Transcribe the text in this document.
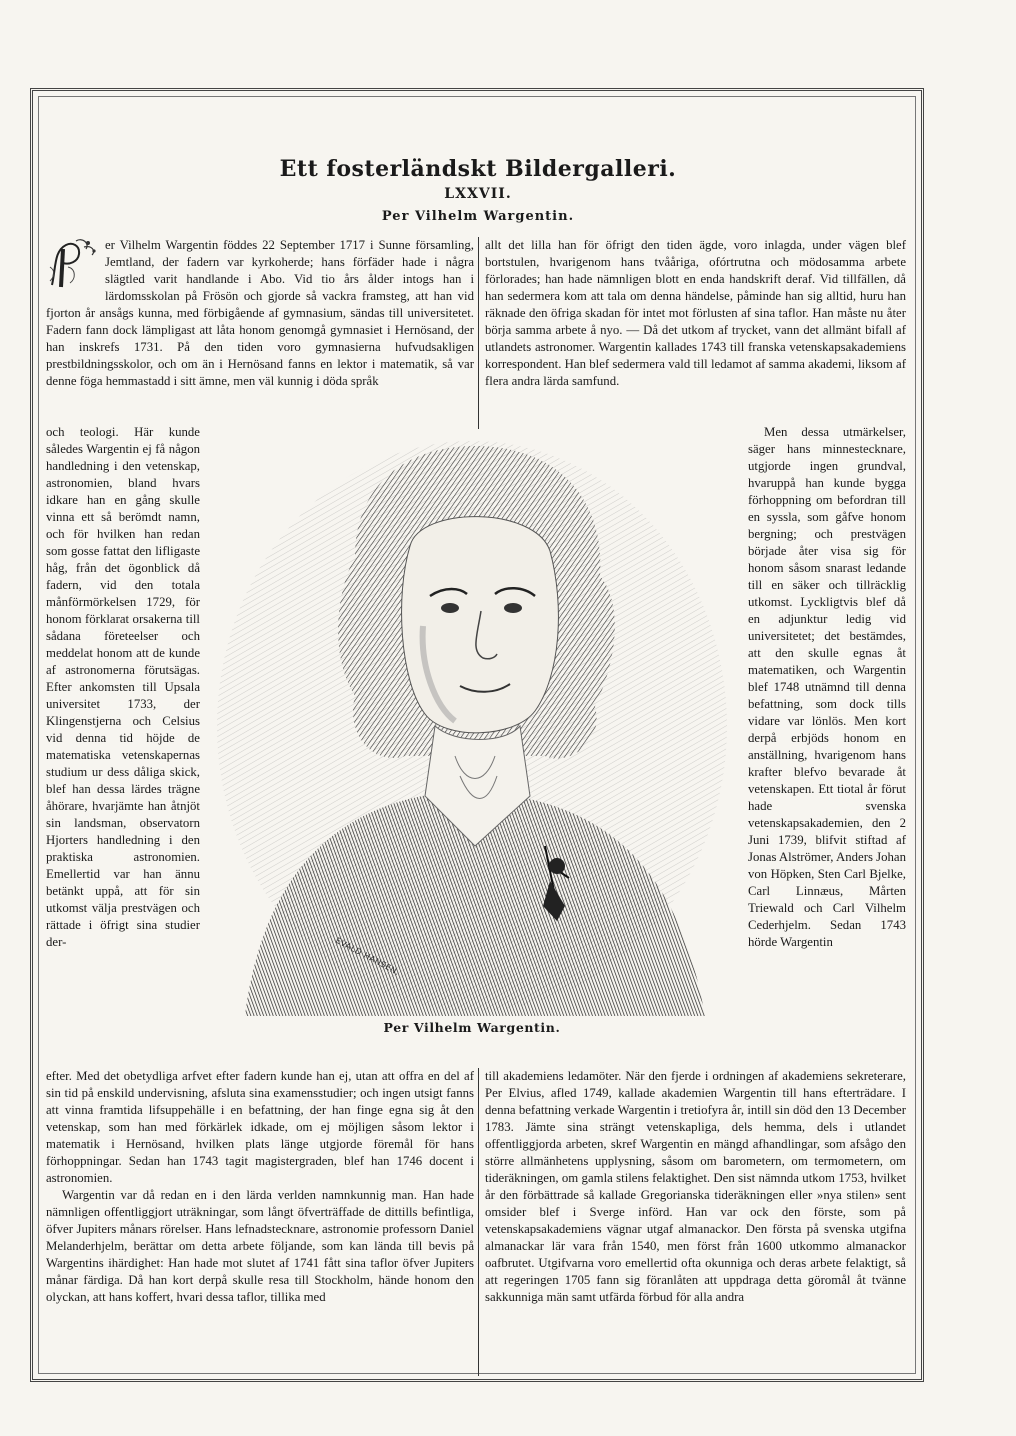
Ett fosterländskt Bildergalleri.
LXXVII.
Per Vilhelm Wargentin.

er Vilhelm Wargentin föddes 22 September 1717 i Sunne församling, Jemtland, der fadern var kyrkoherde; hans förfäder hade i några slägtled varit handlande i Abo. Vid tio års ålder intogs han i lärdomsskolan på Frösön och gjorde så vackra framsteg, att han vid fjorton år ansågs kunna, med förbigående af gymnasium, sändas till universitetet. Fadern fann dock lämpligast att låta honom genomgå gymnasiet i Hernösand, der han inskrefs 1731. På den tiden voro gymnasierna hufvudsakligen prestbildningsskolor, och om än i Hernösand fanns en lektor i matematik, så var denne föga hemmastadd i sitt ämne, men väl kunnig i döda språk

allt det lilla han för öfrigt den tiden ägde, voro inlagda, under vägen blef bortstulen, hvarigenom hans tvååriga, ofórtrutna och mödosamma arbete förlorades; han hade nämnligen blott en enda handskrift deraf. Vid tillfällen, då han sedermera kom att tala om denna händelse, påminde han sig alltid, huru han räknade den öfriga skadan för intet mot förlusten af sina taflor. Han måste nu åter börja samma arbete å nyo. — Då det utkom af trycket, vann det allmänt bifall af utlandets astronomer. Wargentin kallades 1743 till franska vetenskapsakademiens korrespondent. Han blef sedermera vald till ledamot af samma akademi, liksom af flera andra lärda samfund.

och teologi. Här kunde således Wargentin ej få någon handledning i den vetenskap, astronomien, bland hvars idkare han en gång skulle vinna ett så berömdt namn, och för hvilken han redan som gosse fattat den lifligaste håg, från det ögonblick då fadern, vid den totala månförmörkelsen 1729, för honom förklarat orsakerna till sådana företeelser och meddelat honom att de kunde af astronomerna förutsägas. Efter ankomsten till Upsala universitet 1733, der Klingenstjerna och Celsius vid denna tid höjde de matematiska vetenskapernas studium ur dess dåliga skick, blef han dessa lärdes trägne åhörare, hvarjämte han åtnjöt sin landsman, observatorn Hjorters handledning i den praktiska astronomien. Emellertid var han ännu betänkt uppå, att för sin utkomst välja prestvägen och rättade i öfrigt sina studier der-

Men dessa utmärkelser, säger hans minnestecknare, utgjorde ingen grundval, hvaruppå han kunde bygga förhoppning om befordran till en syssla, som gåfve honom bergning; och prestvägen började åter visa sig för honom såsom snarast ledande till en säker och tillräcklig utkomst. Lyckligtvis blef då en adjunktur ledig vid universitetet; det bestämdes, att den skulle egnas åt matematiken, och Wargentin blef 1748 utnämnd till denna befattning, som dock tills vidare var lönlös. Men kort derpå erbjöds honom en anställning, hvarigenom hans krafter blefvo bevarade åt vetenskapen. Ett tiotal år förut hade svenska vetenskapsakademien, den 2 Juni 1739, blifvit stiftad af Jonas Alströmer, Anders Johan von Höpken, Sten Carl Bjelke, Carl Linnæus, Mårten Triewald och Carl Vilhelm Cederhjelm. Sedan 1743 hörde Wargentin

EVALD HANSEN.
Per Vilhelm Wargentin.

efter. Med det obetydliga arfvet efter fadern kunde han ej, utan att offra en del af sin tid på enskild undervisning, afsluta sina examensstudier; och ingen utsigt fanns att vinna framtida lifsuppehälle i en befattning, der han finge egna sig åt den vetenskap, som han med förkärlek idkade, om ej möjligen såsom lektor i matematik i Hernösand, hvilken plats länge utgjorde föremål för hans förhoppningar. Sedan han 1743 tagit magistergraden, blef han 1746 docent i astronomien.

Wargentin var då redan en i den lärda verlden namnkunnig man. Han hade nämnligen offentliggjort uträkningar, som långt öfverträffade de dittills befintliga, öfver Jupiters månars rörelser. Hans lefnadstecknare, astronomie professorn Daniel Melanderhjelm, berättar om detta arbete följande, som kan lända till bevis på Wargentins ihärdighet: Han hade mot slutet af 1741 fått sina taflor öfver Jupiters månar färdiga. Då han kort derpå skulle resa till Stockholm, hände honom den olyckan, att hans koffert, hvari dessa taflor, tillika med

till akademiens ledamöter. När den fjerde i ordningen af akademiens sekreterare, Per Elvius, afled 1749, kallade akademien Wargentin till hans efterträdare. I denna befattning verkade Wargentin i tretiofyra år, intill sin död den 13 December 1783. Jämte sina strängt vetenskapliga, dels hemma, dels i utlandet offentliggjorda arbeten, skref Wargentin en mängd afhandlingar, som afsågo den större allmänhetens upplysning, såsom om barometern, om termometern, om tideräkningen, om gamla stilens felaktighet. Den sist nämnda utkom 1753, hvilket år den förbättrade så kallade Gregorianska tideräkningen eller »nya stilen» sent omsider blef i Sverge införd. Han var ock den förste, som på vetenskapsakademiens vägnar utgaf almanackor. Den första på svenska utgifna almanackar lär vara från 1540, men först från 1600 utkommo almanackor oafbrutet. Utgifvarna voro emellertid ofta okunniga och deras arbete felaktigt, så att regeringen 1705 fann sig föranlåten att uppdraga detta göromål åt tvänne sakkunniga män samt utfärda förbud för alla andra
